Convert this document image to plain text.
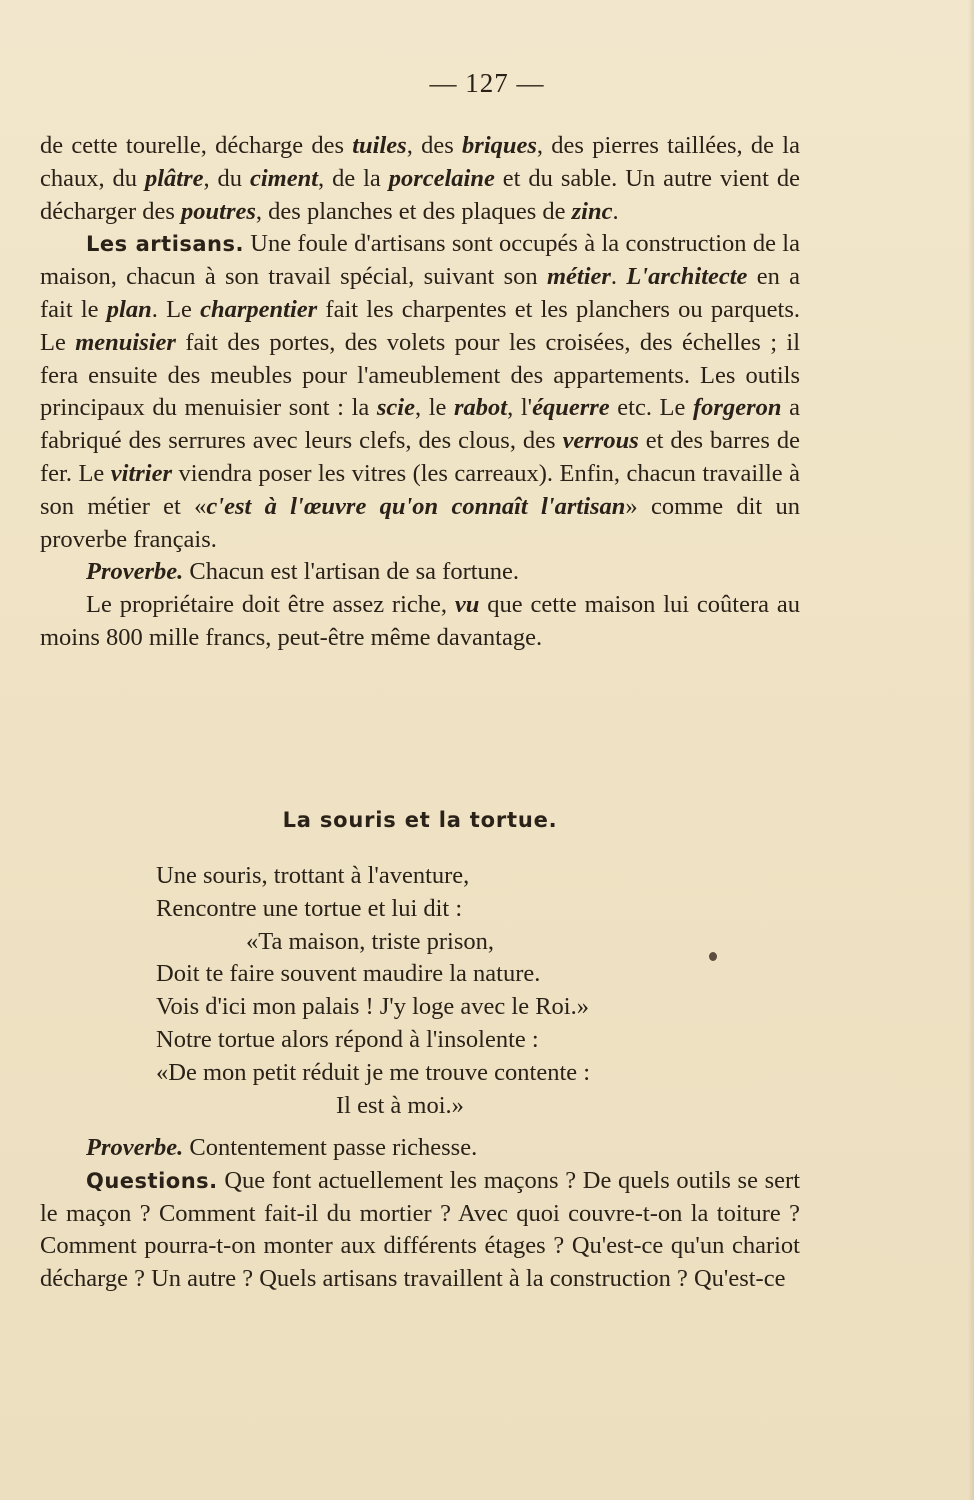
— 127 —

de cette tourelle, décharge des tuiles, des briques, des pierres taillées, de la chaux, du plâtre, du ciment, de la porcelaine et du sable. Un autre vient de décharger des poutres, des planches et des plaques de zinc.

Les artisans. Une foule d'artisans sont occupés à la construction de la maison, chacun à son travail spécial, suivant son métier. L'architecte en a fait le plan. Le charpentier fait les charpentes et les planchers ou parquets. Le menuisier fait des portes, des volets pour les croisées, des échelles ; il fera ensuite des meubles pour l'ameublement des appartements. Les outils principaux du menuisier sont : la scie, le rabot, l'équerre etc. Le forgeron a fabriqué des serrures avec leurs clefs, des clous, des verrous et des barres de fer. Le vitrier viendra poser les vitres (les carreaux). Enfin, chacun travaille à son métier et «c'est à l'œuvre qu'on connaît l'artisan» comme dit un proverbe français.

Proverbe. Chacun est l'artisan de sa fortune.

Le propriétaire doit être assez riche, vu que cette maison lui coûtera au moins 800 mille francs, peut-être même davantage.

La souris et la tortue.
Une souris, trottant à l'aventure,
Rencontre une tortue et lui dit :
«Ta maison, triste prison,
Doit te faire souvent maudire la nature.
Vois d'ici mon palais ! J'y loge avec le Roi.»
Notre tortue alors répond à l'insolente :
«De mon petit réduit je me trouve contente :
Il est à moi.»

Proverbe. Contentement passe richesse.

Questions. Que font actuellement les maçons ? De quels outils se sert le maçon ? Comment fait-il du mortier ? Avec quoi couvre-t-on la toiture ? Comment pourra-t-on monter aux différents étages ? Qu'est-ce qu'un chariot décharge ? Un autre ? Quels artisans travaillent à la construction ? Qu'est-ce
